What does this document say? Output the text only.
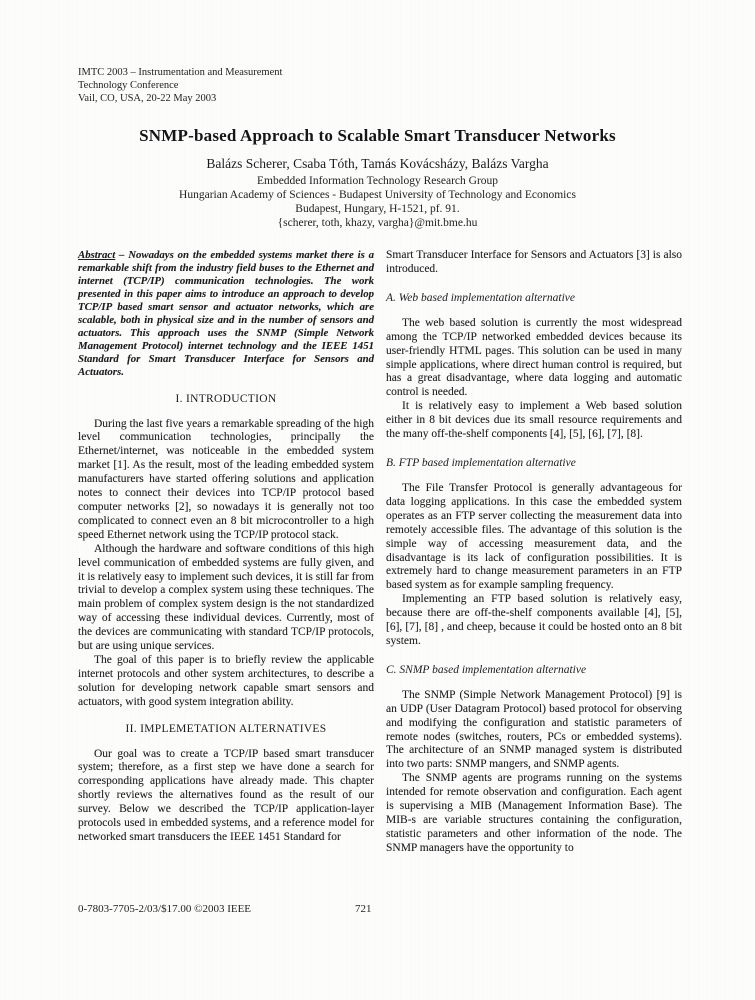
IMTC 2003 – Instrumentation and Measurement
Technology Conference
Vail, CO, USA, 20-22 May 2003
SNMP-based Approach to Scalable Smart Transducer Networks
Balázs Scherer, Csaba Tóth, Tamás Kovácsházy, Balázs Vargha
Embedded Information Technology Research Group
Hungarian Academy of Sciences - Budapest University of Technology and Economics
Budapest, Hungary, H-1521, pf. 91.
{scherer, toth, khazy, vargha}@mit.bme.hu

Abstract – Nowadays on the embedded systems market there is a remarkable shift from the industry field buses to the Ethernet and internet (TCP/IP) communication technologies. The work presented in this paper aims to introduce an approach to develop TCP/IP based smart sensor and actuator networks, which are scalable, both in physical size and in the number of sensors and actuators. This approach uses the SNMP (Simple Network Management Protocol) internet technology and the IEEE 1451 Standard for Smart Transducer Interface for Sensors and Actuators.

I. INTRODUCTION

During the last five years a remarkable spreading of the high level communication technologies, principally the Ethernet/internet, was noticeable in the embedded system market [1]. As the result, most of the leading embedded system manufacturers have started offering solutions and application notes to connect their devices into TCP/IP protocol based computer networks [2], so nowadays it is generally not too complicated to connect even an 8 bit microcontroller to a high speed Ethernet network using the TCP/IP protocol stack.

Although the hardware and software conditions of this high level communication of embedded systems are fully given, and it is relatively easy to implement such devices, it is still far from trivial to develop a complex system using these techniques. The main problem of complex system design is the not standardized way of accessing these individual devices. Currently, most of the devices are communicating with standard TCP/IP protocols, but are using unique services.

The goal of this paper is to briefly review the applicable internet protocols and other system architectures, to describe a solution for developing network capable smart sensors and actuators, with good system integration ability.

II. IMPLEMETATION ALTERNATIVES

Our goal was to create a TCP/IP based smart transducer system; therefore, as a first step we have done a search for corresponding applications have already made. This chapter shortly reviews the alternatives found as the result of our survey. Below we described the TCP/IP application-layer protocols used in embedded systems, and a reference model for networked smart transducers the IEEE 1451 Standard for

Smart Transducer Interface for Sensors and Actuators [3] is also introduced.

A. Web based implementation alternative

The web based solution is currently the most widespread among the TCP/IP networked embedded devices because its user-friendly HTML pages. This solution can be used in many simple applications, where direct human control is required, but has a great disadvantage, where data logging and automatic control is needed.

It is relatively easy to implement a Web based solution either in 8 bit devices due its small resource requirements and the many off-the-shelf components [4], [5], [6], [7], [8].

B. FTP based implementation alternative

The File Transfer Protocol is generally advantageous for data logging applications. In this case the embedded system operates as an FTP server collecting the measurement data into remotely accessible files. The advantage of this solution is the simple way of accessing measurement data, and the disadvantage is its lack of configuration possibilities. It is extremely hard to change measurement parameters in an FTP based system as for example sampling frequency.

Implementing an FTP based solution is relatively easy, because there are off-the-shelf components available [4], [5], [6], [7], [8] , and cheep, because it could be hosted onto an 8 bit system.

C. SNMP based implementation alternative

The SNMP (Simple Network Management Protocol) [9] is an UDP (User Datagram Protocol) based protocol for observing and modifying the configuration and statistic parameters of remote nodes (switches, routers, PCs or embedded systems). The architecture of an SNMP managed system is distributed into two parts: SNMP mangers, and SNMP agents.

The SNMP agents are programs running on the systems intended for remote observation and configuration. Each agent is supervising a MIB (Management Information Base). The MIB-s are variable structures containing the configuration, statistic parameters and other information of the node. The SNMP managers have the opportunity to

0-7803-7705-2/03/$17.00 ©2003 IEEE	721
